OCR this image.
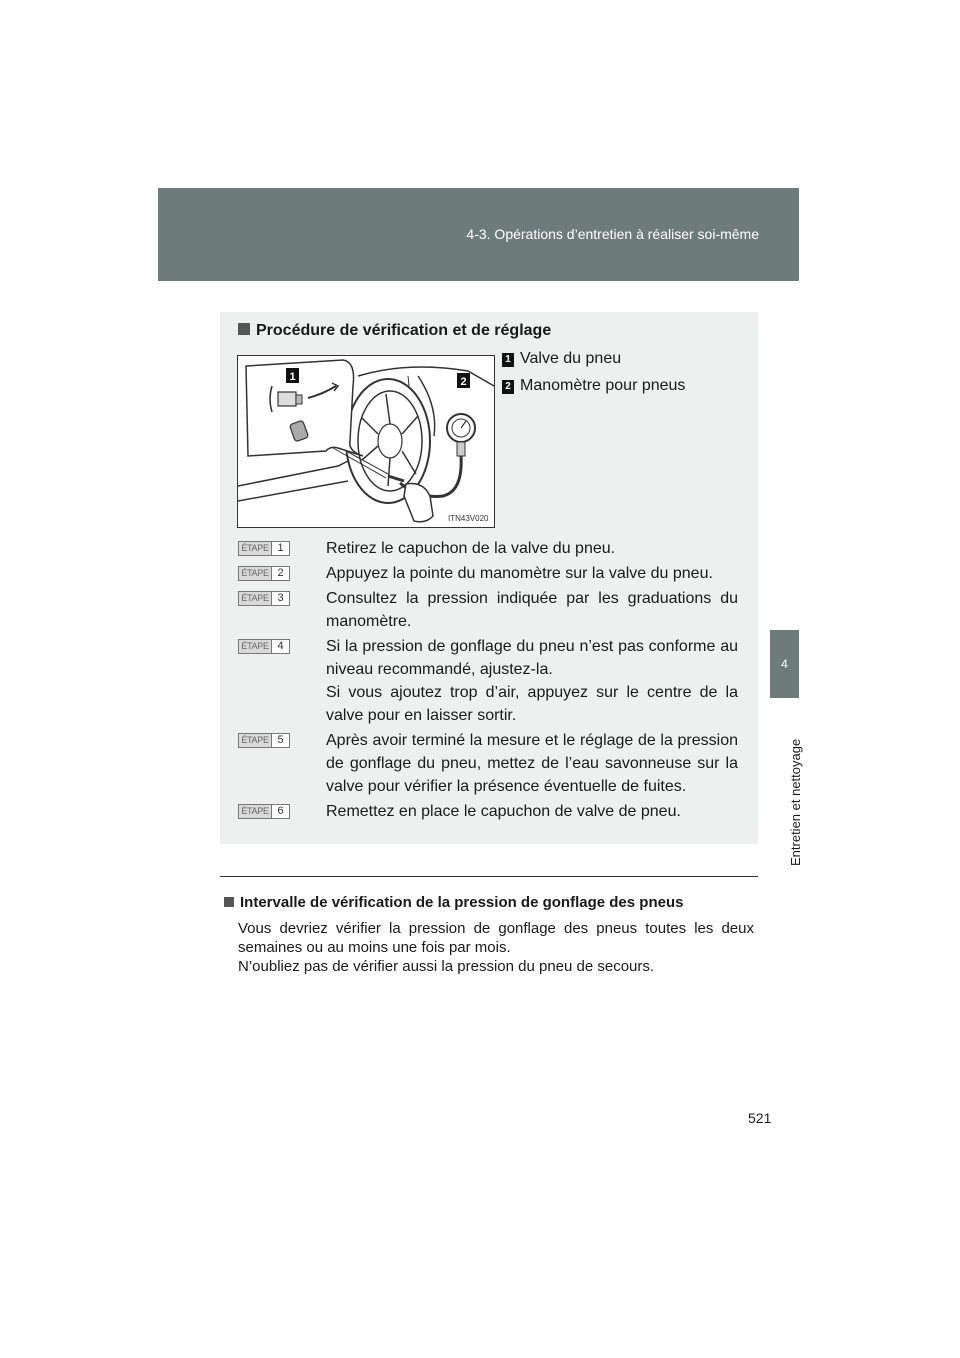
4-3. Opérations d’entretien à réaliser soi-même
4
Entretien et nettoyage
Procédure de vérification et de réglage
1	2
ITN43V020
1 Valve du pneu
2 Manomètre pour pneus
ÉTAPE 1	Retirez le capuchon de la valve du pneu.
ÉTAPE 2	Appuyez la pointe du manomètre sur la valve du pneu.
ÉTAPE 3	Consultez la pression indiquée par les graduations du manomètre.
ÉTAPE 4	Si la pression de gonflage du pneu n’est pas conforme au niveau recommandé, ajustez-la.
Si vous ajoutez trop d’air, appuyez sur le centre de la valve pour en laisser sortir.
ÉTAPE 5	Après avoir terminé la mesure et le réglage de la pression de gonflage du pneu, mettez de l’eau savonneuse sur la valve pour vérifier la présence éventuelle de fuites.
ÉTAPE 6	Remettez en place le capuchon de valve de pneu.
Intervalle de vérification de la pression de gonflage des pneus
Vous devriez vérifier la pression de gonflage des pneus toutes les deux semaines ou au moins une fois par mois.
N’oubliez pas de vérifier aussi la pression du pneu de secours.
521
